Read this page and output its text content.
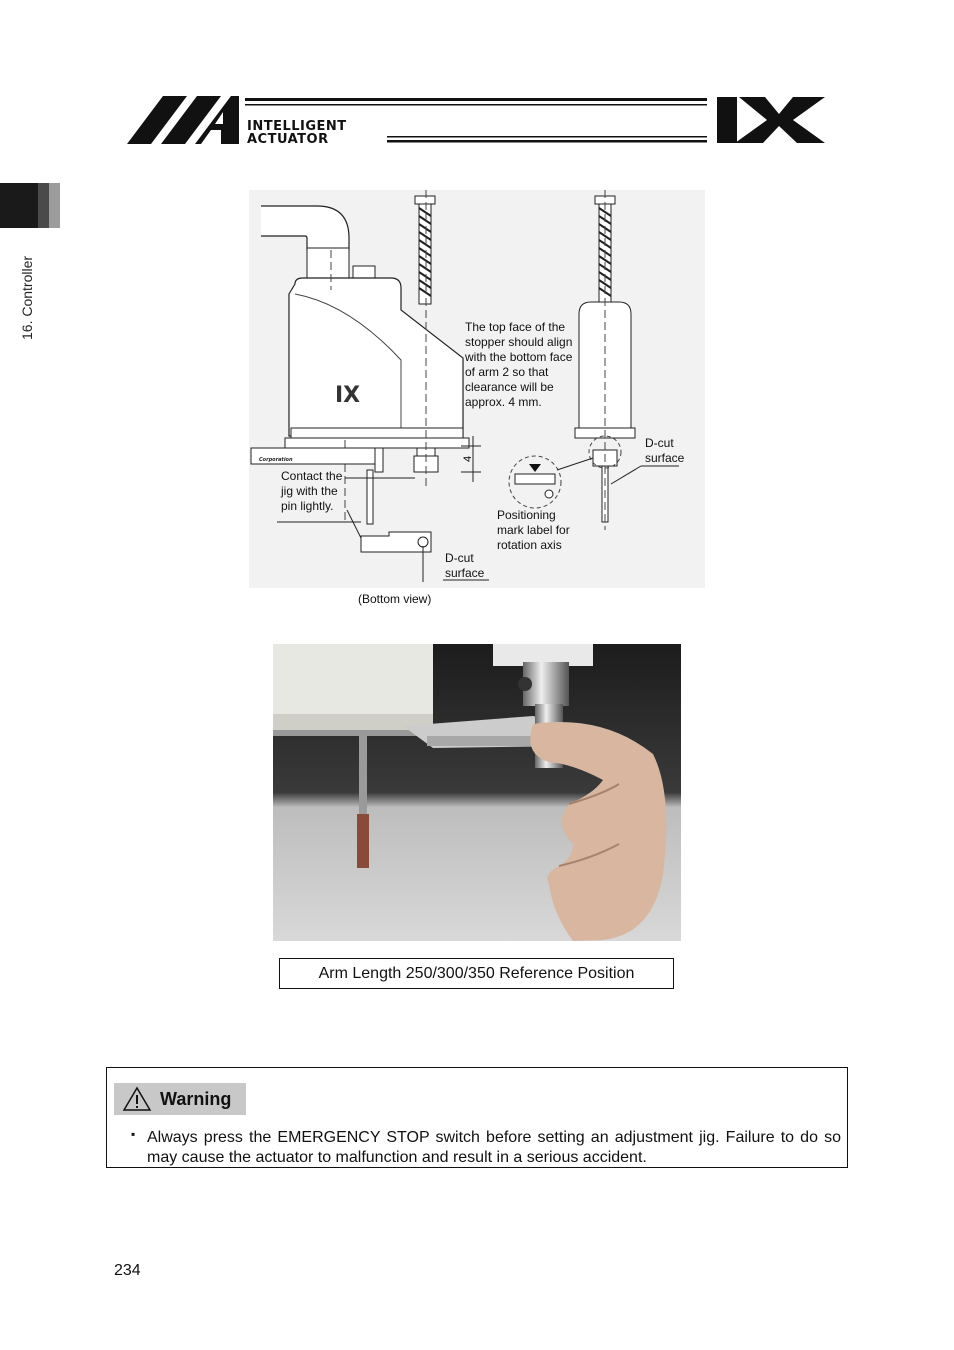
INTELLIGENT
ACTUATOR
16. Controller
IX
Corporation	4
The top face of the stopper should align with the bottom face of arm 2 so that clearance will be approx. 4 mm.
D-cut surface
Contact the jig with the pin lightly.
Positioning mark label for rotation axis
D-cut surface
(Bottom view)
Arm Length 250/300/350 Reference Position
Warning
▪ Always press the EMERGENCY STOP switch before setting an adjustment jig. Failure to do so may cause the actuator to malfunction and result in a serious accident.
234
